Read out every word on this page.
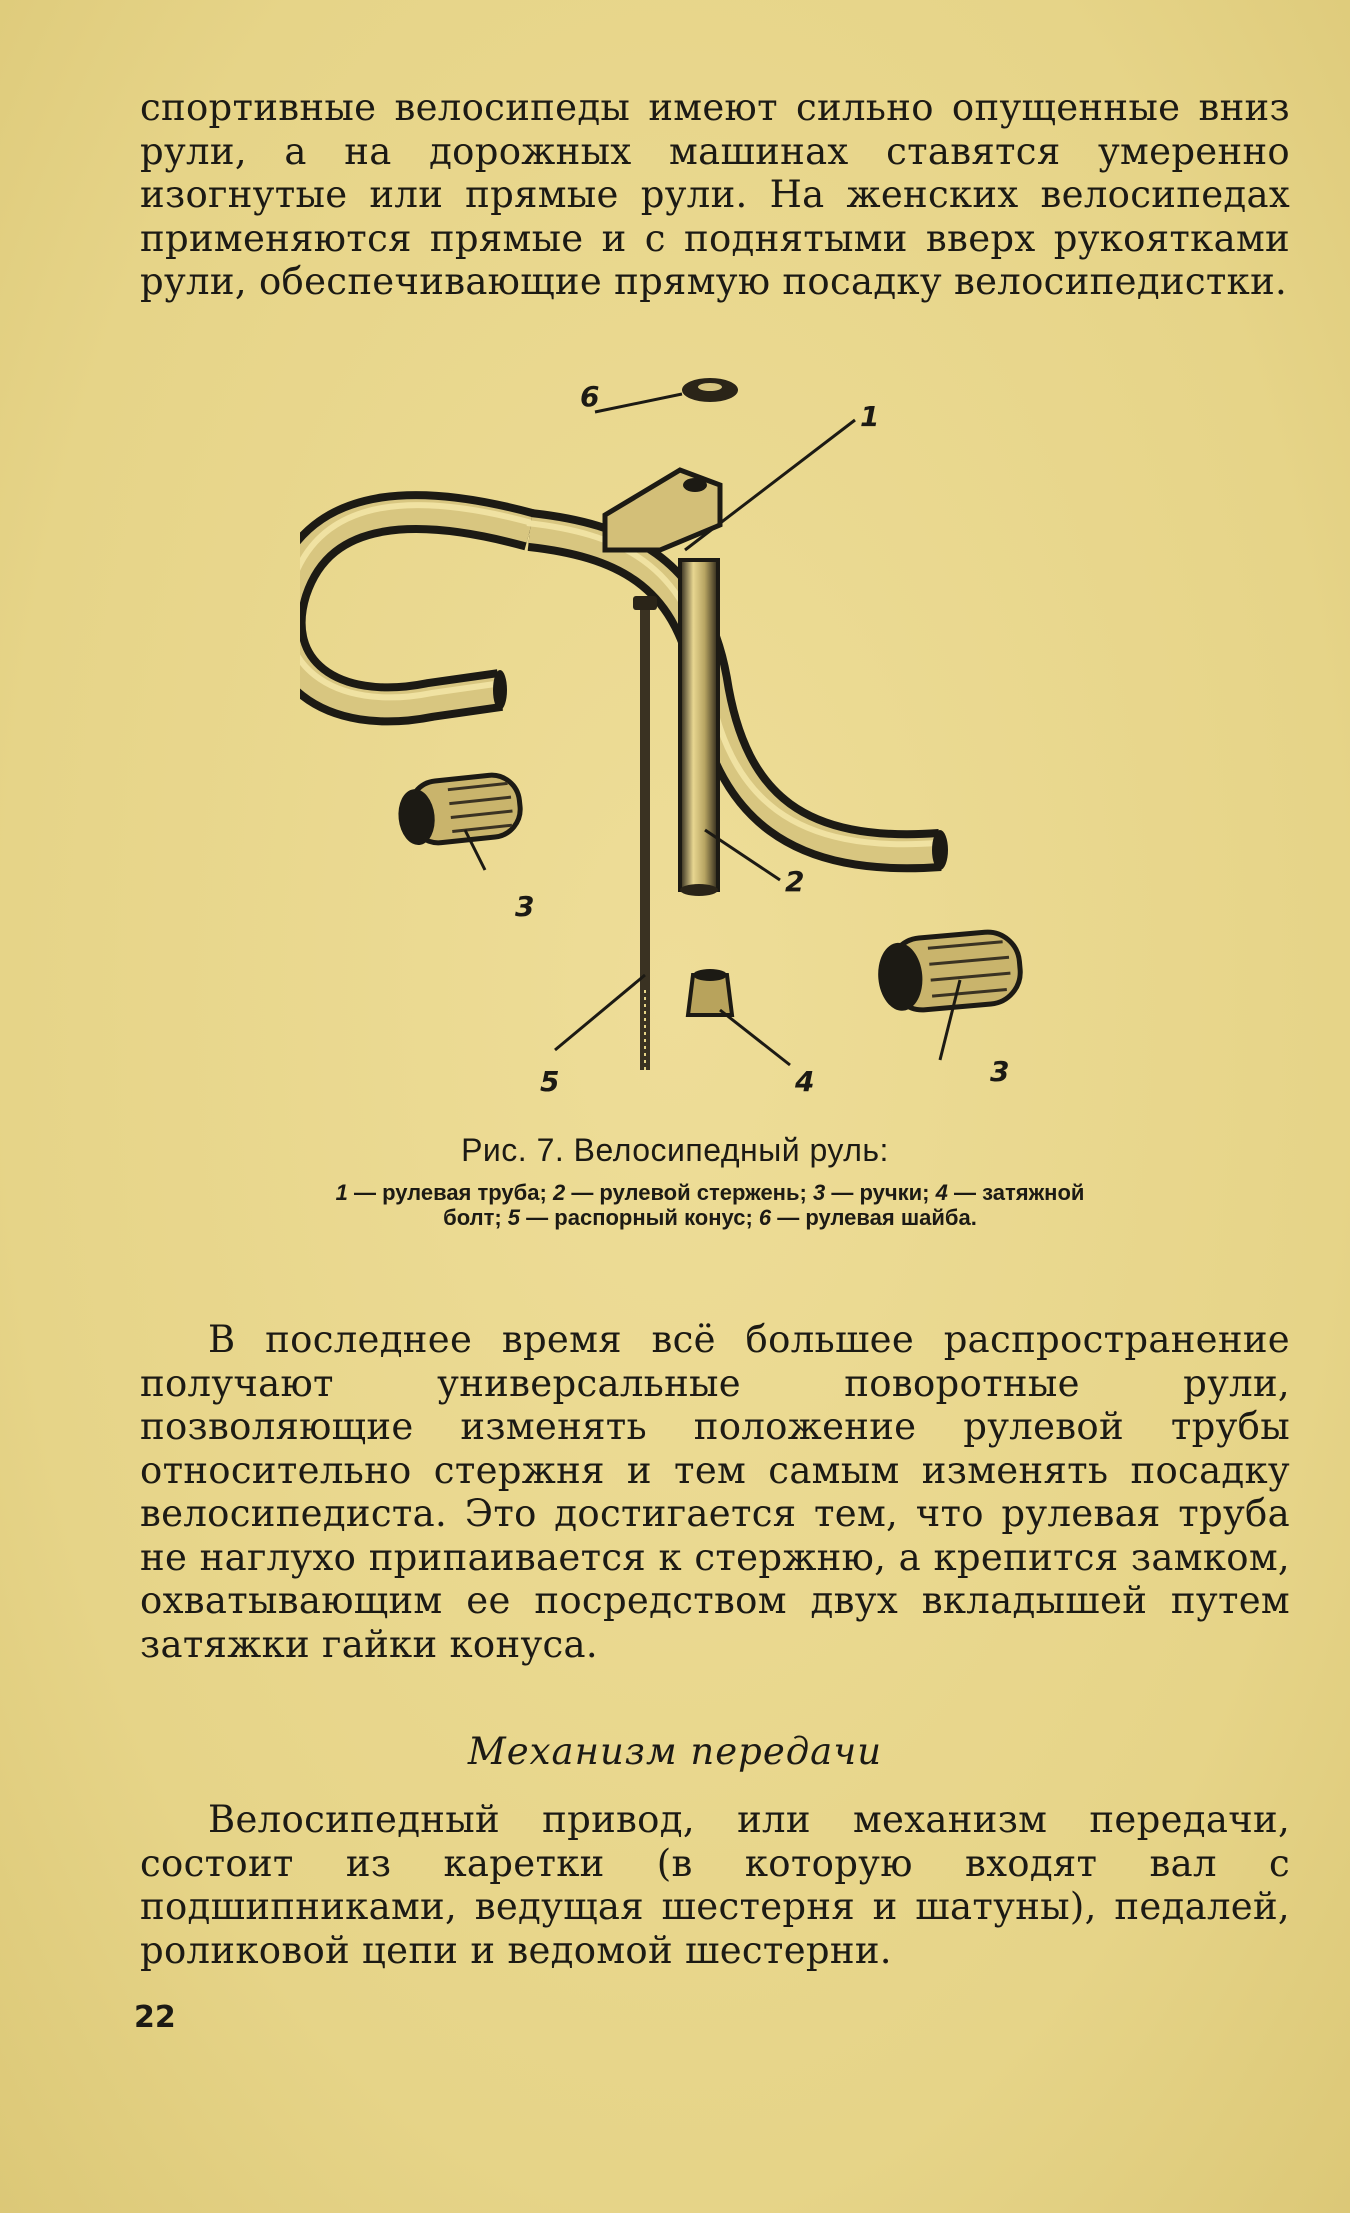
спортивные велосипеды имеют сильно опущенные вниз рули, а на дорожных машинах ставятся умеренно изогнутые или прямые рули. На женских велосипедах применяются прямые и с поднятыми вверх рукоятками рули, обеспечивающие прямую посадку велосипедистки.

6
1
2
3
3
4
5

Рис. 7. Велосипедный руль:

1 — рулевая труба; 2 — рулевой стержень; 3 — ручки; 4 — затяжной болт; 5 — распорный конус; 6 — рулевая шайба.

В последнее время всё большее распространение получают универсальные поворотные рули, позволяющие изменять положение рулевой трубы относительно стержня и тем самым изменять посадку велосипедиста. Это достигается тем, что рулевая труба не наглухо припаивается к стержню, а крепится замком, охватывающим ее посредством двух вкладышей путем затяжки гайки конуса.

Механизм передачи

Велосипедный привод, или механизм передачи, состоит из каретки (в которую входят вал с подшипниками, ведущая шестерня и шатуны), педалей, роликовой цепи и ведомой шестерни.

22
